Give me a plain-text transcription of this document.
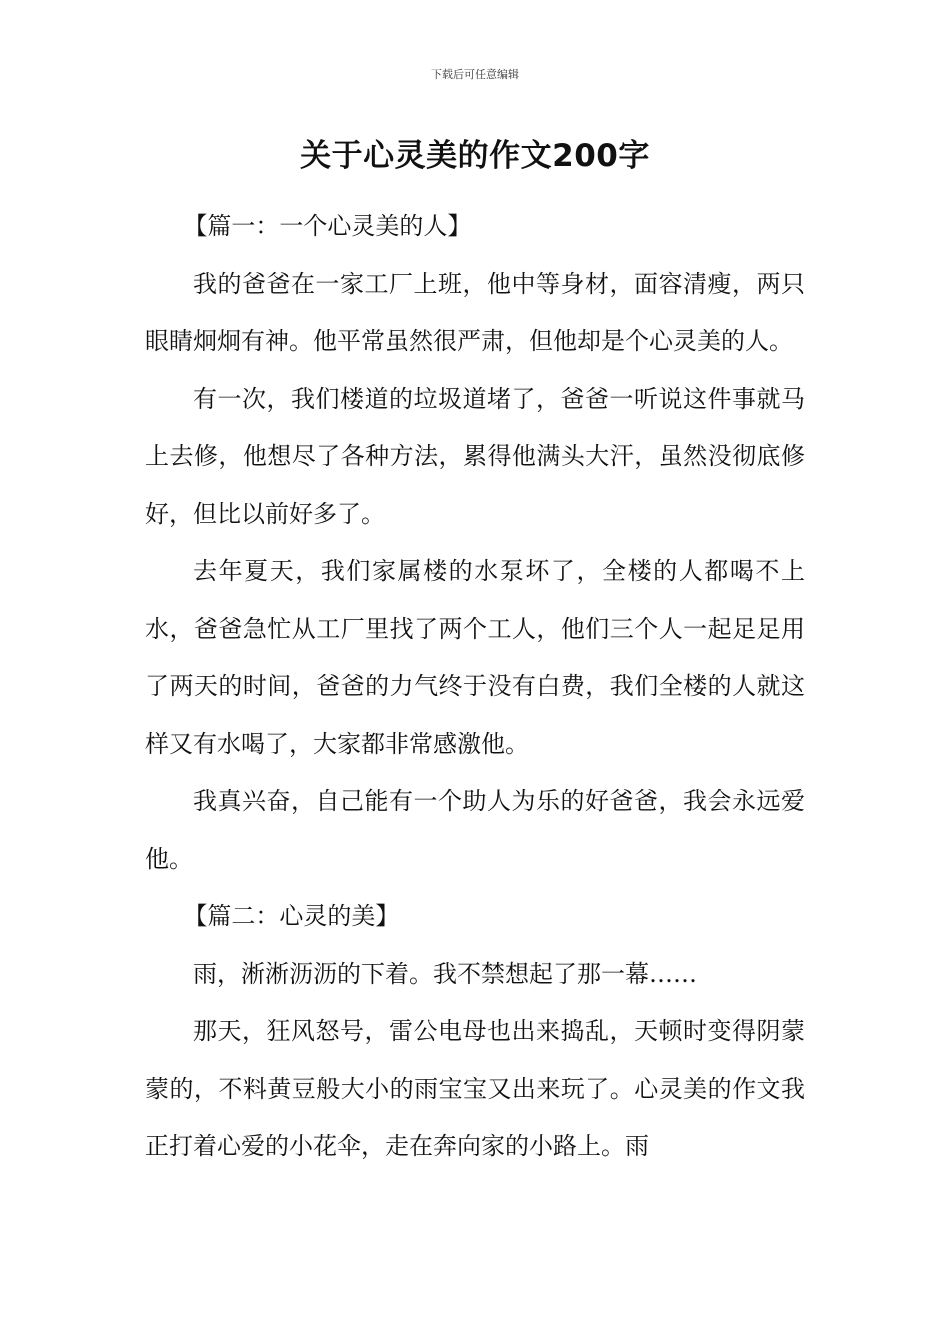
下载后可任意编辑
关于心灵美的作文200字

【篇一：一个心灵美的人】

我的爸爸在一家工厂上班，他中等身材，面容清瘦，两只眼睛炯炯有神。他平常虽然很严肃，但他却是个心灵美的人。

有一次，我们楼道的垃圾道堵了，爸爸一听说这件事就马上去修，他想尽了各种方法，累得他满头大汗，虽然没彻底修好，但比以前好多了。

去年夏天，我们家属楼的水泵坏了，全楼的人都喝不上水，爸爸急忙从工厂里找了两个工人，他们三个人一起足足用了两天的时间，爸爸的力气终于没有白费，我们全楼的人就这样又有水喝了，大家都非常感激他。

我真兴奋，自己能有一个助人为乐的好爸爸，我会永远爱他。

【篇二：心灵的美】

雨，淅淅沥沥的下着。我不禁想起了那一幕……

那天，狂风怒号，雷公电母也出来捣乱，天顿时变得阴蒙蒙的，不料黄豆般大小的雨宝宝又出来玩了。心灵美的作文我正打着心爱的小花伞，走在奔向家的小路上。雨
